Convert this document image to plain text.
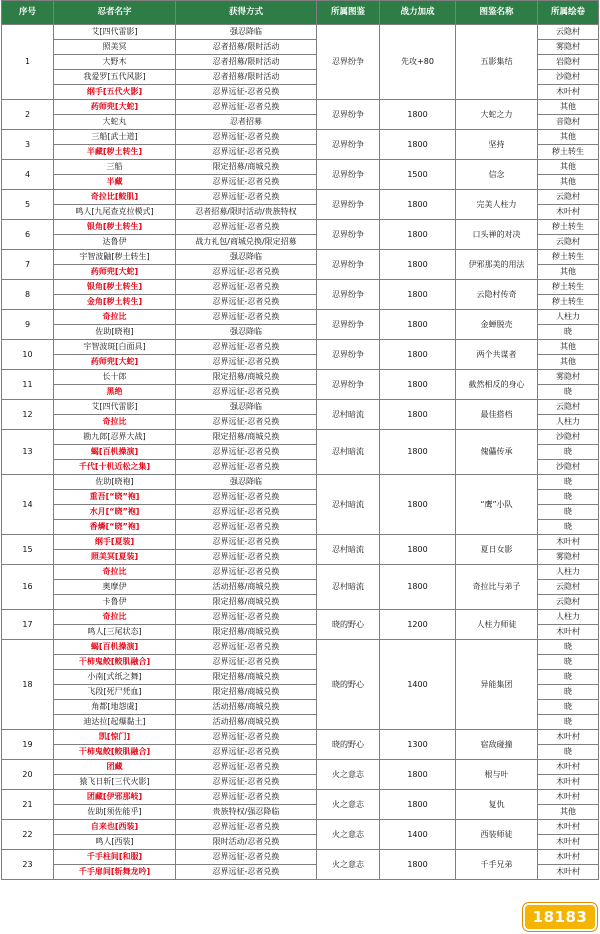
序号	忍者名字	获得方式	所属图鉴	战力加成	图鉴名称	所属绘卷
1	艾[四代雷影]	强忍降临	忍界纷争	先攻+80	五影集结	云隐村
	照美冥	忍者招募/限时活动				雾隐村
	大野木	忍者招募/限时活动				岩隐村
	我爱罗[五代风影]	忍者招募/限时活动				沙隐村
	纲手[五代火影]	忍界远征-忍者兑换				木叶村
2	药师兜[大蛇]	忍界远征-忍者兑换	忍界纷争	1800	大蛇之力	其他
	大蛇丸	忍者招募				音隐村
3	三船[武士道]	忍界远征-忍者兑换	忍界纷争	1800	坚持	其他
	半藏[秽土转生]	忍界远征-忍者兑换				秽土转生
4	三船	限定招募/商城兑换	忍界纷争	1500	信念	其他
	半藏	忍界远征-忍者兑换				其他
5	奇拉比[鲛肌]	忍界远征-忍者兑换	忍界纷争	1800	完美人柱力	云隐村
	鸣人[九尾查克拉模式]	忍者招募/限时活动/贵族特权				木叶村
6	银角[秽土转生]	忍界远征-忍者兑换	忍界纷争	1800	口头禅的对决	秽土转生
	达鲁伊	战力礼包/商城兑换/限定招募				云隐村
7	宇智波鼬[秽土转生]	强忍降临	忍界纷争	1800	伊邪那美的用法	秽土转生
	药师兜[大蛇]	忍界远征-忍者兑换				其他
8	银角[秽土转生]	忍界远征-忍者兑换	忍界纷争	1800	云隐村传奇	秽土转生
	金角[秽土转生]	忍界远征-忍者兑换				秽土转生
9	奇拉比	忍界远征-忍者兑换	忍界纷争	1800	金蝉脱壳	人柱力
	佐助[晓袍]	强忍降临				晓
10	宇智波斑[白面具]	忍界远征-忍者兑换	忍界纷争	1800	两个共谋者	其他
	药师兜[大蛇]	忍界远征-忍者兑换				其他
11	长十郎	限定招募/商城兑换	忍界纷争	1800	截然相反的身心	雾隐村
	黑绝	忍界远征-忍者兑换				晓
12	艾[四代雷影]	强忍降临	忍村暗流	1800	最佳搭档	云隐村
	奇拉比	忍界远征-忍者兑换				人柱力
13	勘九郎[忍界大战]	限定招募/商城兑换	忍村暗流	1800	傀儡传承	沙隐村
	蝎[百机操演]	忍界远征-忍者兑换				晓
	千代[十机近松之集]	忍界远征-忍者兑换				沙隐村
14	佐助[晓袍]	强忍降临	忍村暗流	1800	“鹰”小队	晓
	重吾[“晓”袍]	忍界远征-忍者兑换				晓
	水月[“晓”袍]	忍界远征-忍者兑换				晓
	香燐[“晓”袍]	忍界远征-忍者兑换				晓
15	纲手[夏装]	忍界远征-忍者兑换	忍村暗流	1800	夏日女影	木叶村
	照美冥[夏装]	忍界远征-忍者兑换				雾隐村
16	奇拉比	忍界远征-忍者兑换	忍村暗流	1800	奇拉比与弟子	人柱力
	奥摩伊	活动招募/商城兑换				云隐村
	卡鲁伊	限定招募/商城兑换				云隐村
17	奇拉比	忍界远征-忍者兑换	晓的野心	1200	人柱力师徒	人柱力
	鸣人[三尾状态]	限定招募/商城兑换				木叶村
18	蝎[百机操演]	忍界远征-忍者兑换	晓的野心	1400	异能集团	晓
	干柿鬼鲛[鲛肌融合]	忍界远征-忍者兑换				晓
	小南[式纸之舞]	限定招募/商城兑换				晓
	飞段[死尸凭血]	限定招募/商城兑换				晓
	角都[地怨虞]	活动招募/商城兑换				晓
	迪达拉[起爆黏土]	活动招募/商城兑换				晓
19	凯[惊门]	忍界远征-忍者兑换	晓的野心	1300	宿敌碰撞	木叶村
	干柿鬼鲛[鲛肌融合]	忍界远征-忍者兑换				晓
20	团藏	忍界远征-忍者兑换	火之意志	1800	根与叶	木叶村
	猿飞日斩[三代火影]	忍界远征-忍者兑换				木叶村
21	团藏[伊邪那岐]	忍界远征-忍者兑换	火之意志	1800	复仇	木叶村
	佐助[须佐能乎]	贵族特权/强忍降临				其他
22	自来也[西装]	忍界远征-忍者兑换	火之意志	1400	西装师徒	木叶村
	鸣人[西装]	限时活动/忍者兑换				木叶村
23	千手柱间[和服]	忍界远征-忍者兑换	火之意志	1800	千手兄弟	木叶村
	千手扉间[斩舞龙吟]	忍界远征-忍者兑换				木叶村
18183
